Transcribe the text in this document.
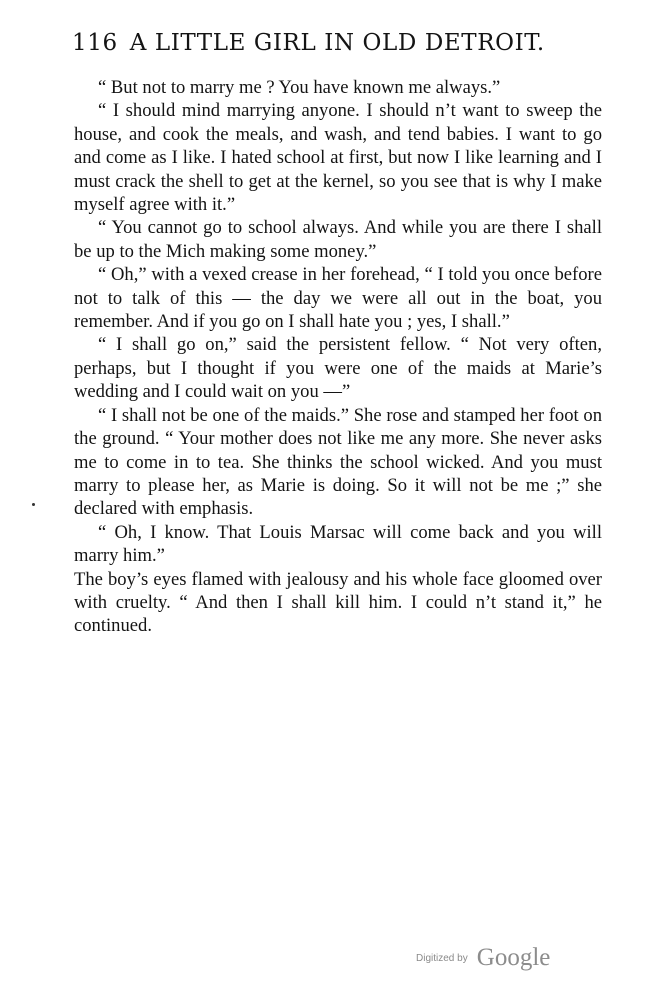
116 A LITTLE GIRL IN OLD DETROIT.

“ But not to marry me ? You have known me always.”

“ I should mind marrying anyone. I should n’t want to sweep the house, and cook the meals, and wash, and tend babies. I want to go and come as I like. I hated school at first, but now I like learning and I must crack the shell to get at the kernel, so you see that is why I make myself agree with it.”

“ You cannot go to school always. And while you are there I shall be up to the Mich making some money.”

“ Oh,” with a vexed crease in her forehead, “ I told you once before not to talk of this — the day we were all out in the boat, you remember. And if you go on I shall hate you ; yes, I shall.”

“ I shall go on,” said the persistent fellow. “ Not very often, perhaps, but I thought if you were one of the maids at Marie’s wedding and I could wait on you —”

“ I shall not be one of the maids.” She rose and stamped her foot on the ground. “ Your mother does not like me any more. She never asks me to come in to tea. She thinks the school wicked. And you must marry to please her, as Marie is doing. So it will not be me ;” she declared with emphasis.

“ Oh, I know. That Louis Marsac will come back and you will marry him.”

The boy’s eyes flamed with jealousy and his whole face gloomed over with cruelty. “ And then I shall kill him. I could n’t stand it,” he continued.

Digitized by Google
